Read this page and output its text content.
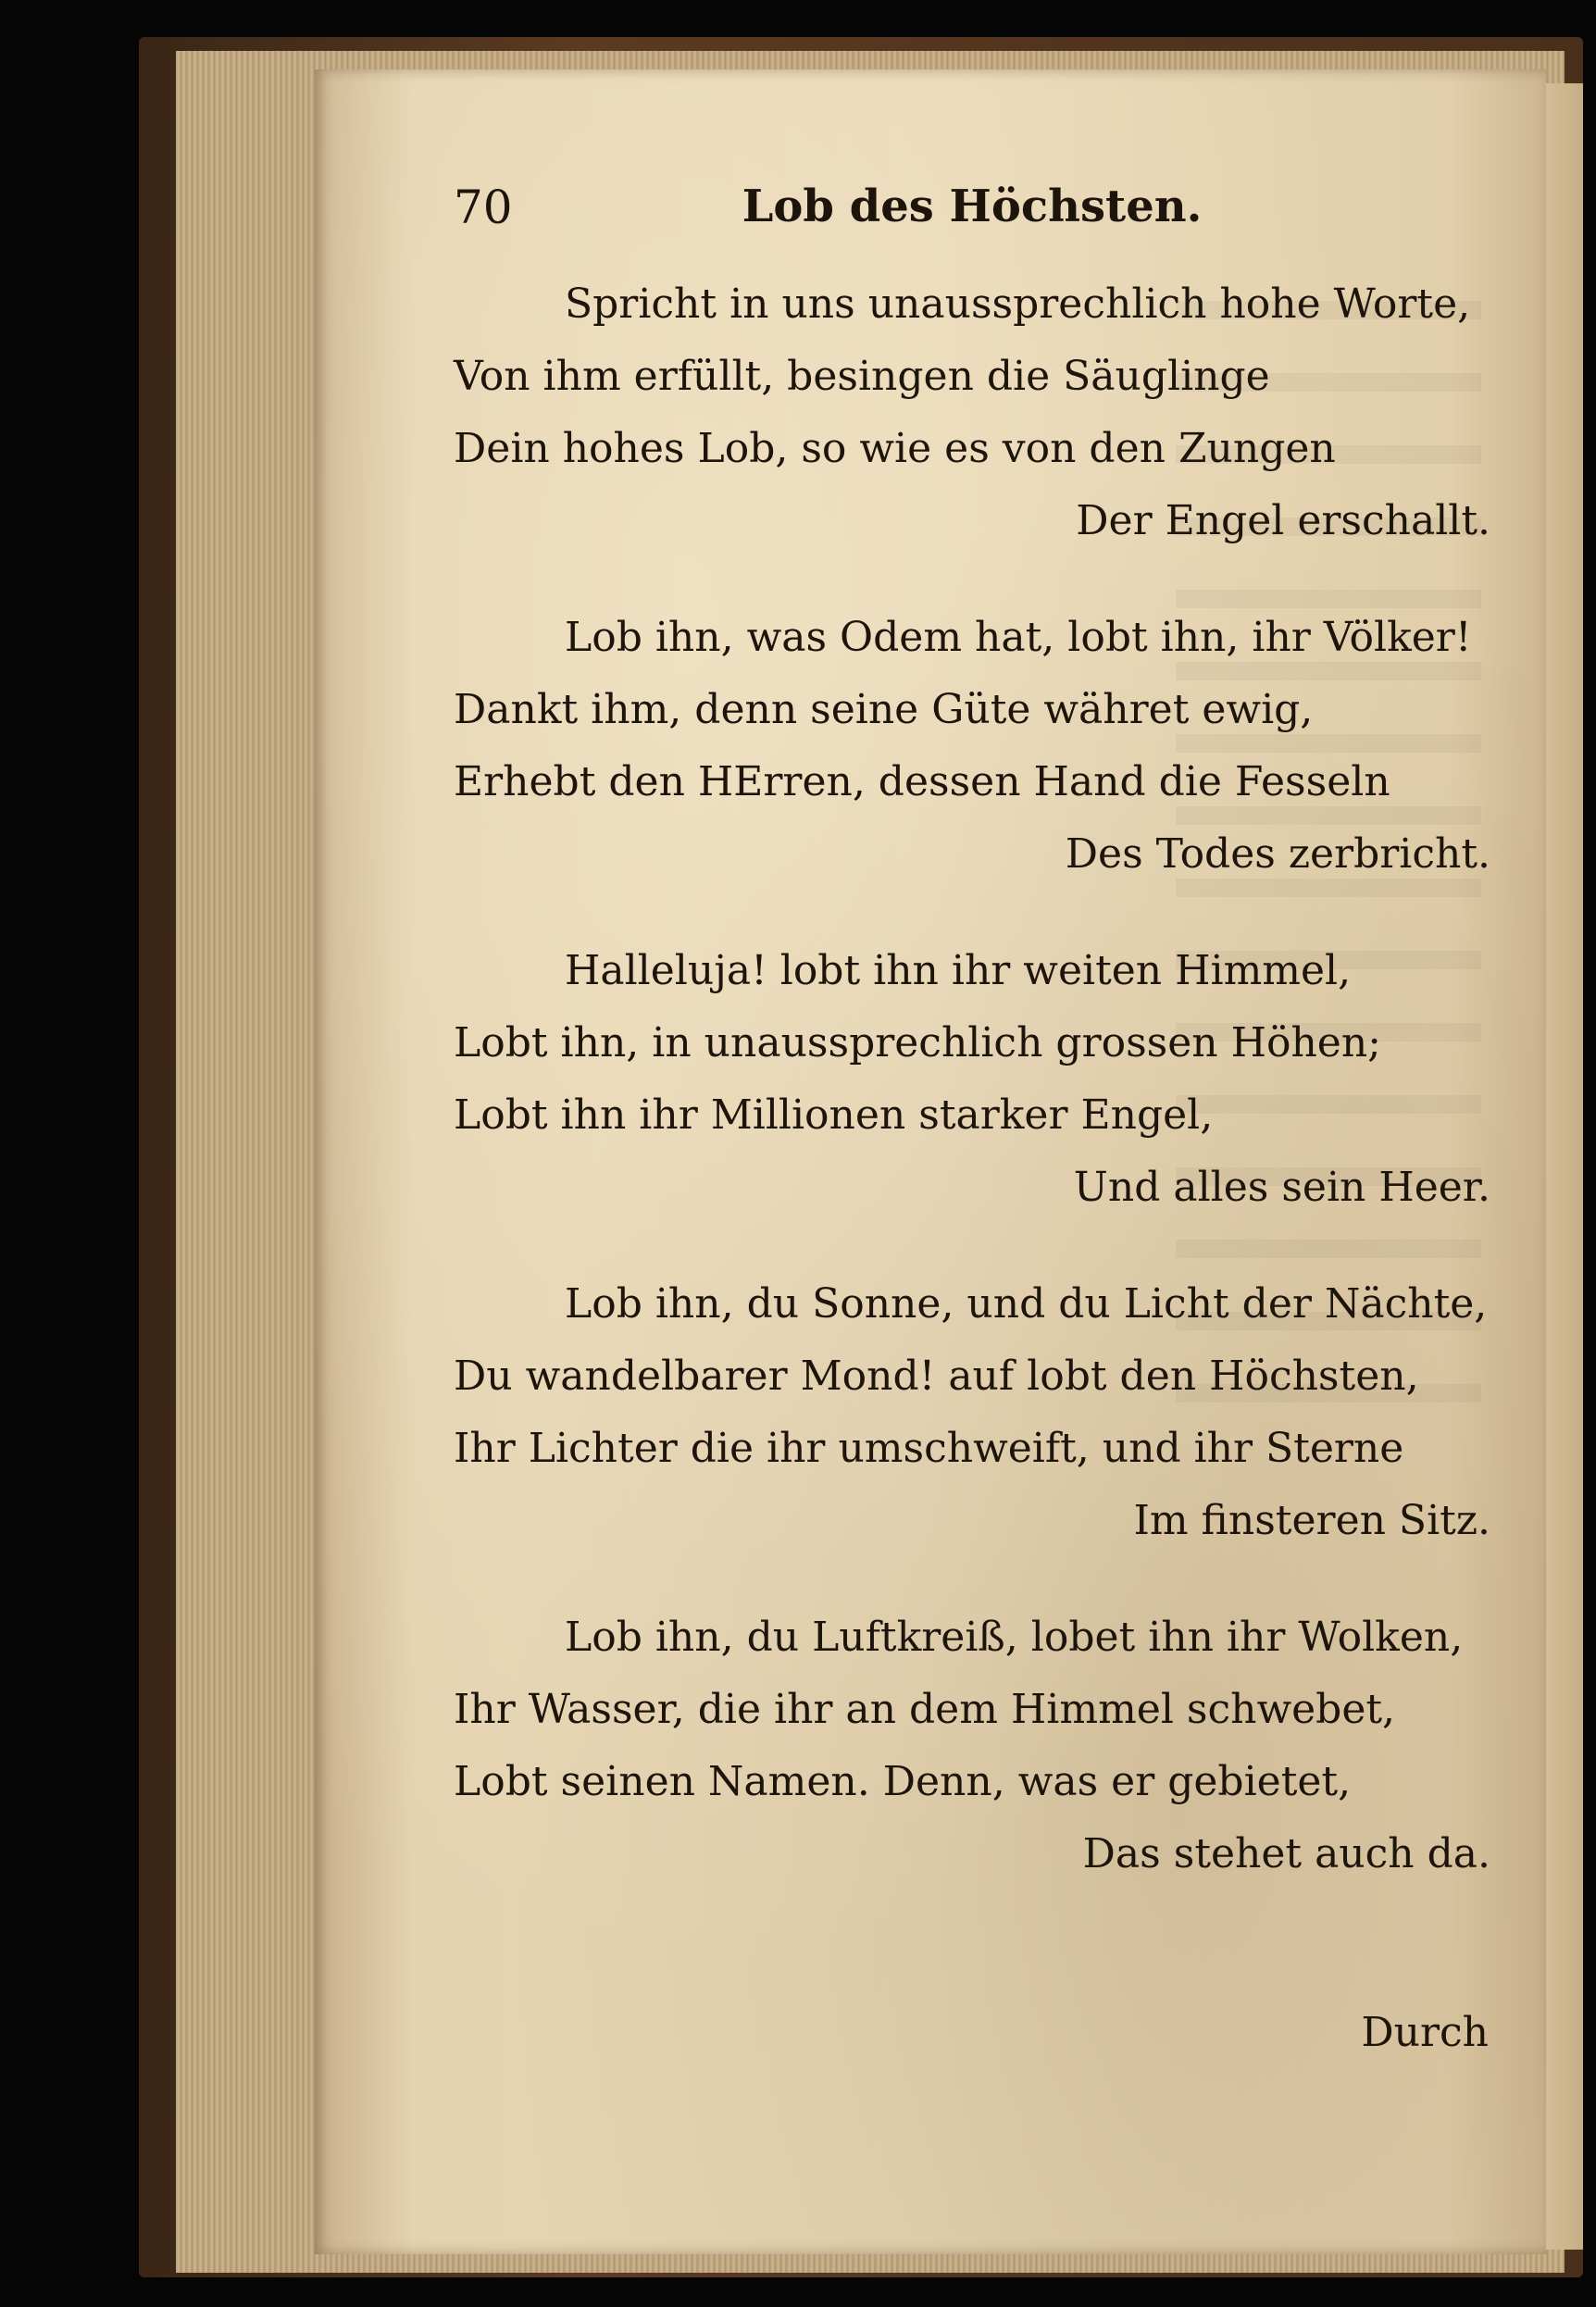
70	Lob des Höchsten.
Spricht in uns unaussprechlich hohe Worte,
Von ihm erfüllt, besingen die Säuglinge
Dein hohes Lob, so wie es von den Zungen
Der Engel erschallt.
Lob ihn, was Odem hat, lobt ihn, ihr Völker!
Dankt ihm, denn seine Güte währet ewig,
Erhebt den HErren, dessen Hand die Fesseln
Des Todes zerbricht.
Halleluja! lobt ihn ihr weiten Himmel,
Lobt ihn, in unaussprechlich grossen Höhen;
Lobt ihn ihr Millionen starker Engel,
Und alles sein Heer.
Lob ihn, du Sonne, und du Licht der Nächte,
Du wandelbarer Mond! auf lobt den Höchsten,
Ihr Lichter die ihr umschweift, und ihr Sterne
Im finsteren Sitz.
Lob ihn, du Luftkreiß, lobet ihn ihr Wolken,
Ihr Wasser, die ihr an dem Himmel schwebet,
Lobt seinen Namen. Denn, was er gebietet,
Das stehet auch da.
Durch
